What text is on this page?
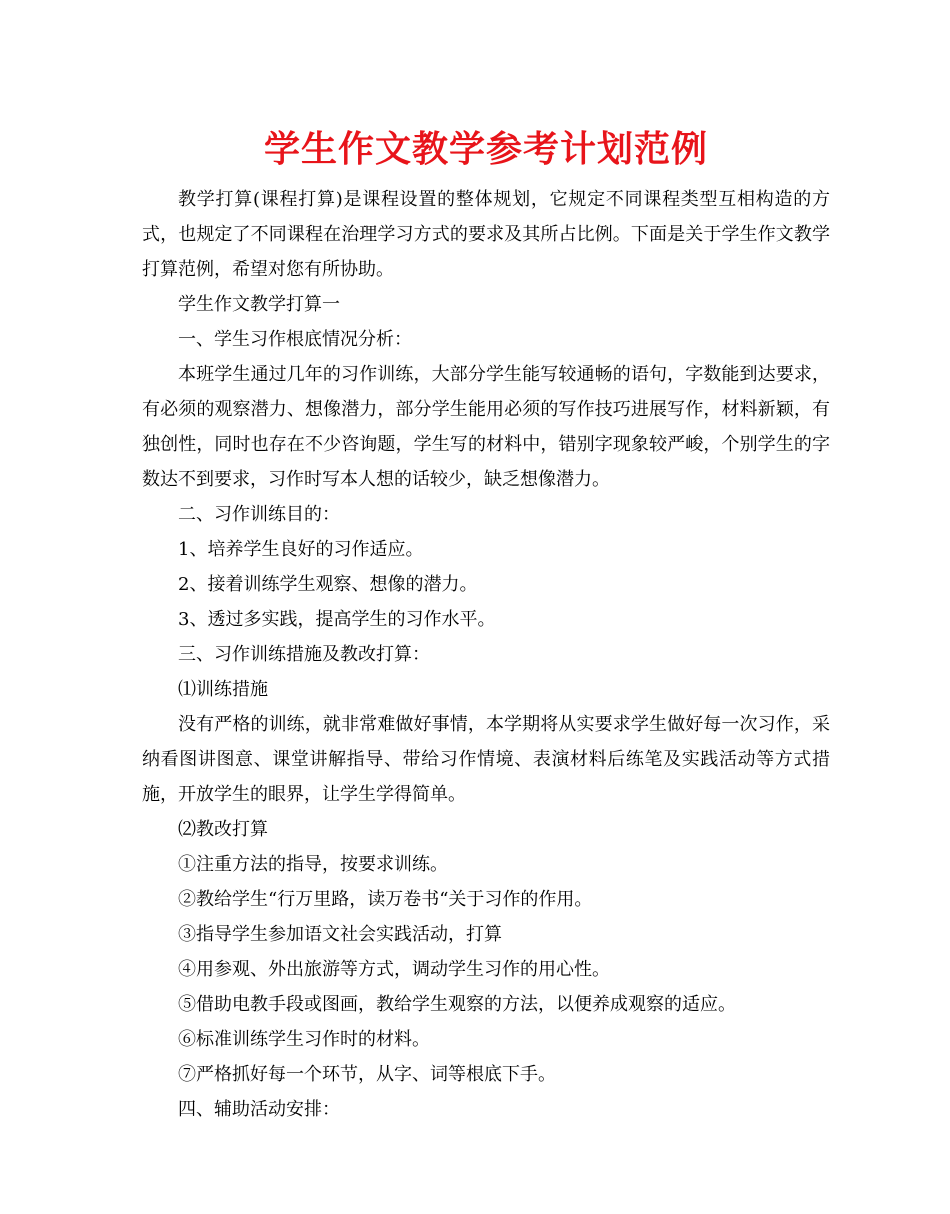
学生作文教学参考计划范例

教学打算(课程打算)是课程设置的整体规划，它规定不同课程类型互相构造的方式，也规定了不同课程在治理学习方式的要求及其所占比例。下面是关于学生作文教学打算范例，希望对您有所协助。

学生作文教学打算一

一、学生习作根底情况分析：

本班学生通过几年的习作训练，大部分学生能写较通畅的语句，字数能到达要求，有必须的观察潜力、想像潜力，部分学生能用必须的写作技巧进展写作，材料新颖，有独创性，同时也存在不少咨询题，学生写的材料中，错别字现象较严峻，个别学生的字数达不到要求，习作时写本人想的话较少，缺乏想像潜力。

二、习作训练目的：

1、培养学生良好的习作适应。

2、接着训练学生观察、想像的潜力。

3、透过多实践，提高学生的习作水平。

三、习作训练措施及教改打算：

⑴训练措施

没有严格的训练，就非常难做好事情，本学期将从实要求学生做好每一次习作，采纳看图讲图意、课堂讲解指导、带给习作情境、表演材料后练笔及实践活动等方式措施，开放学生的眼界，让学生学得简单。

⑵教改打算

①注重方法的指导，按要求训练。

②教给学生“行万里路，读万卷书“关于习作的作用。

③指导学生参加语文社会实践活动，打算

④用参观、外出旅游等方式，调动学生习作的用心性。

⑤借助电教手段或图画，教给学生观察的方法，以便养成观察的适应。

⑥标准训练学生习作时的材料。

⑦严格抓好每一个环节，从字、词等根底下手。

四、辅助活动安排：
